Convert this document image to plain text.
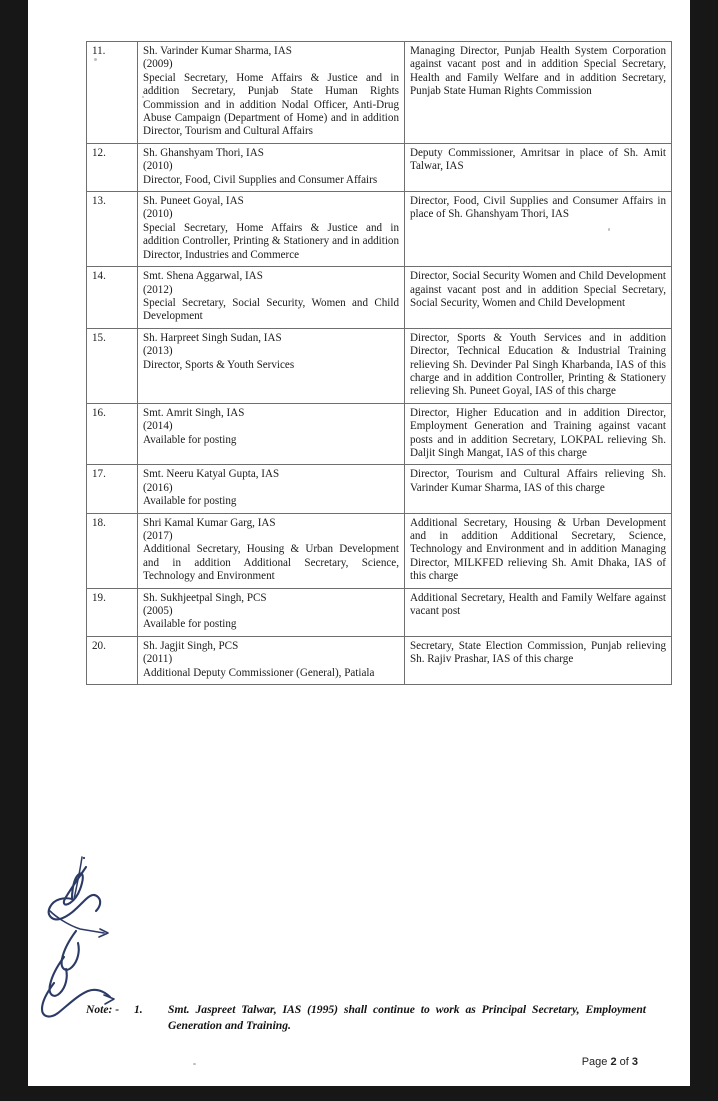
11.	Sh. Varinder Kumar Sharma, IAS
(2009)
Special Secretary, Home Affairs & Justice and in addition Secretary, Punjab State Human Rights Commission and in addition Nodal Officer, Anti-Drug Abuse Campaign (Department of Home) and in addition Director, Tourism and Cultural Affairs	Managing Director, Punjab Health System Corporation against vacant post and in addition Special Secretary, Health and Family Welfare and in addition Secretary, Punjab State Human Rights Commission
12.	Sh. Ghanshyam Thori, IAS
(2010)
Director, Food, Civil Supplies and Consumer Affairs	Deputy Commissioner, Amritsar in place of Sh. Amit Talwar, IAS
13.	Sh. Puneet Goyal, IAS
(2010)
Special Secretary, Home Affairs & Justice and in addition Controller, Printing & Stationery and in addition Director, Industries and Commerce	Director, Food, Civil Supplies and Consumer Affairs in place of Sh. Ghanshyam Thori, IAS
14.	Smt. Shena Aggarwal, IAS
(2012)
Special Secretary, Social Security, Women and Child Development	Director, Social Security Women and Child Development against vacant post and in addition Special Secretary, Social Security, Women and Child Development
15.	Sh. Harpreet Singh Sudan, IAS
(2013)
Director, Sports & Youth Services
	Director, Sports & Youth Services and in addition Director, Technical Education & Industrial Training relieving Sh. Devinder Pal Singh Kharbanda, IAS of this charge and in addition Controller, Printing & Stationery relieving Sh. Puneet Goyal, IAS of this charge
16.	Smt. Amrit Singh, IAS
(2014)
Available for posting	Director, Higher Education and in addition Director, Employment Generation and Training against vacant posts and in addition Secretary, LOKPAL relieving Sh. Daljit Singh Mangat, IAS of this charge
17.	Smt. Neeru Katyal Gupta, IAS
(2016)
Available for posting	Director, Tourism and Cultural Affairs relieving Sh. Varinder Kumar Sharma, IAS of this charge
18.	Shri Kamal Kumar Garg, IAS
(2017)
Additional Secretary, Housing & Urban Development and in addition Additional Secretary, Science, Technology and Environment
	Additional Secretary, Housing & Urban Development and in addition Additional Secretary, Science, Technology and Environment and in addition Managing Director, MILKFED relieving Sh. Amit Dhaka, IAS of this charge
19.	Sh. Sukhjeetpal Singh, PCS
(2005)
Available for posting	Additional Secretary, Health and Family Welfare against vacant post
20.	Sh. Jagjit Singh, PCS
(2011)
Additional Deputy Commissioner (General), Patiala	Secretary, State Election Commission, Punjab relieving Sh. Rajiv Prashar, IAS of this charge
Note: -	1.	Smt. Jaspreet Talwar, IAS (1995) shall continue to work as Principal Secretary, Employment Generation and Training.
Page 2 of 3
